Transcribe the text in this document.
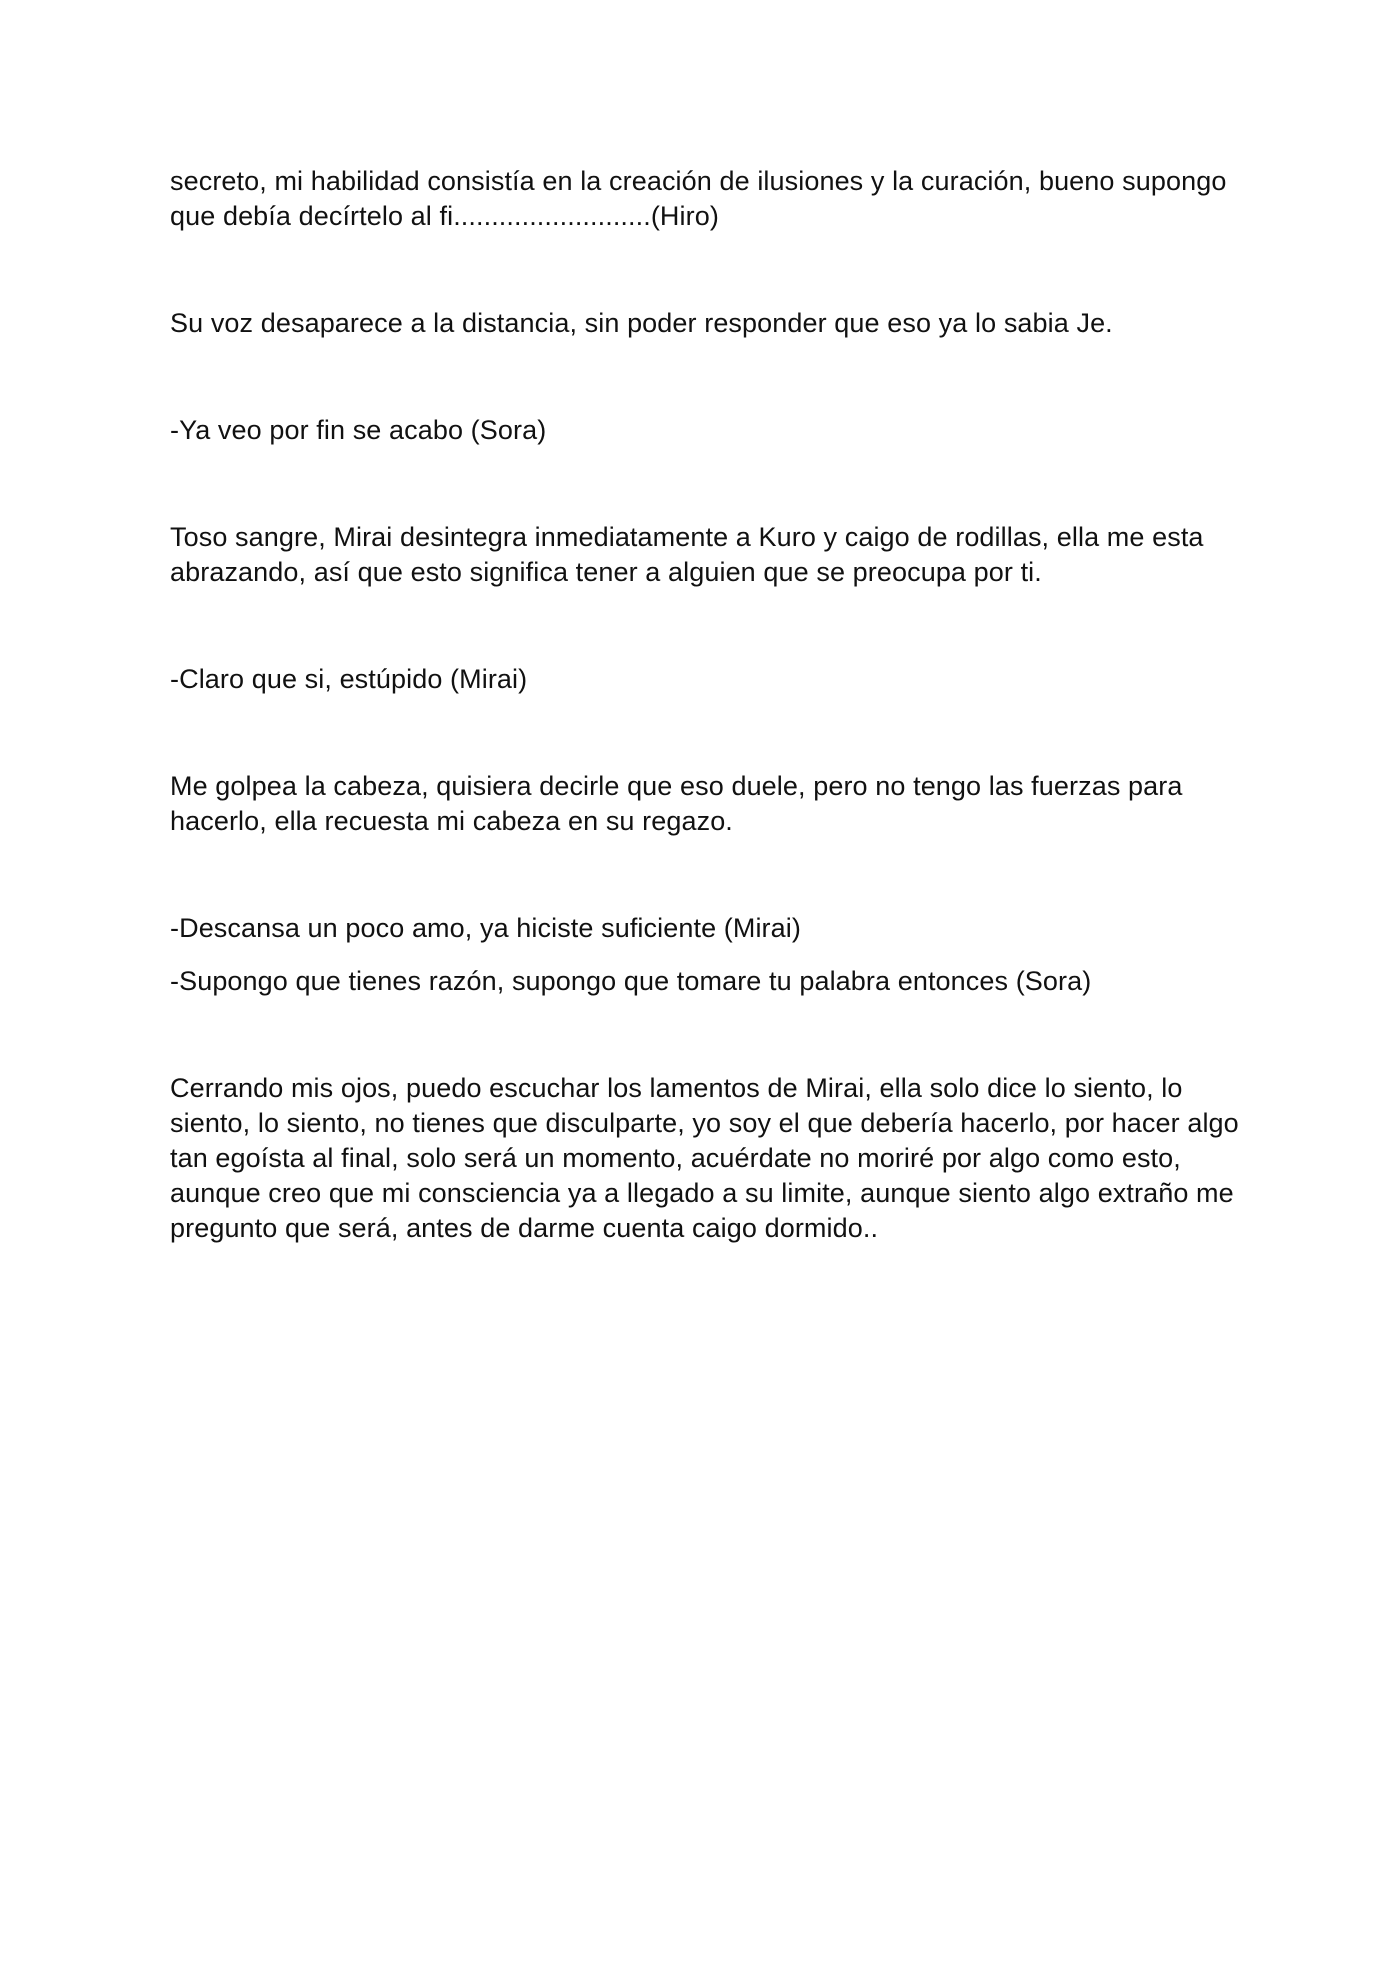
secreto, mi habilidad consistía en la creación de ilusiones y la curación, bueno supongo que debía decírtelo al fi..........................(Hiro)

Su voz desaparece a la distancia, sin poder responder que eso ya lo sabia Je.

-Ya veo por fin se acabo (Sora)

Toso sangre, Mirai desintegra inmediatamente a Kuro y caigo de rodillas, ella me esta abrazando, así que esto significa tener a alguien que se preocupa por ti.

-Claro que si, estúpido (Mirai)

Me golpea la cabeza, quisiera decirle que eso duele, pero no tengo las fuerzas para hacerlo, ella recuesta mi cabeza en su regazo.

-Descansa un poco amo, ya hiciste suficiente (Mirai)

-Supongo que tienes razón, supongo que tomare tu palabra entonces (Sora)

Cerrando mis ojos, puedo escuchar los lamentos de Mirai, ella solo dice lo siento, lo siento, lo siento, no tienes que disculparte, yo soy el que debería hacerlo, por hacer algo tan egoísta al final, solo será un momento, acuérdate no moriré por algo como esto, aunque creo que mi consciencia ya a llegado a su limite, aunque siento algo extraño me pregunto que será, antes de darme cuenta caigo dormido..
